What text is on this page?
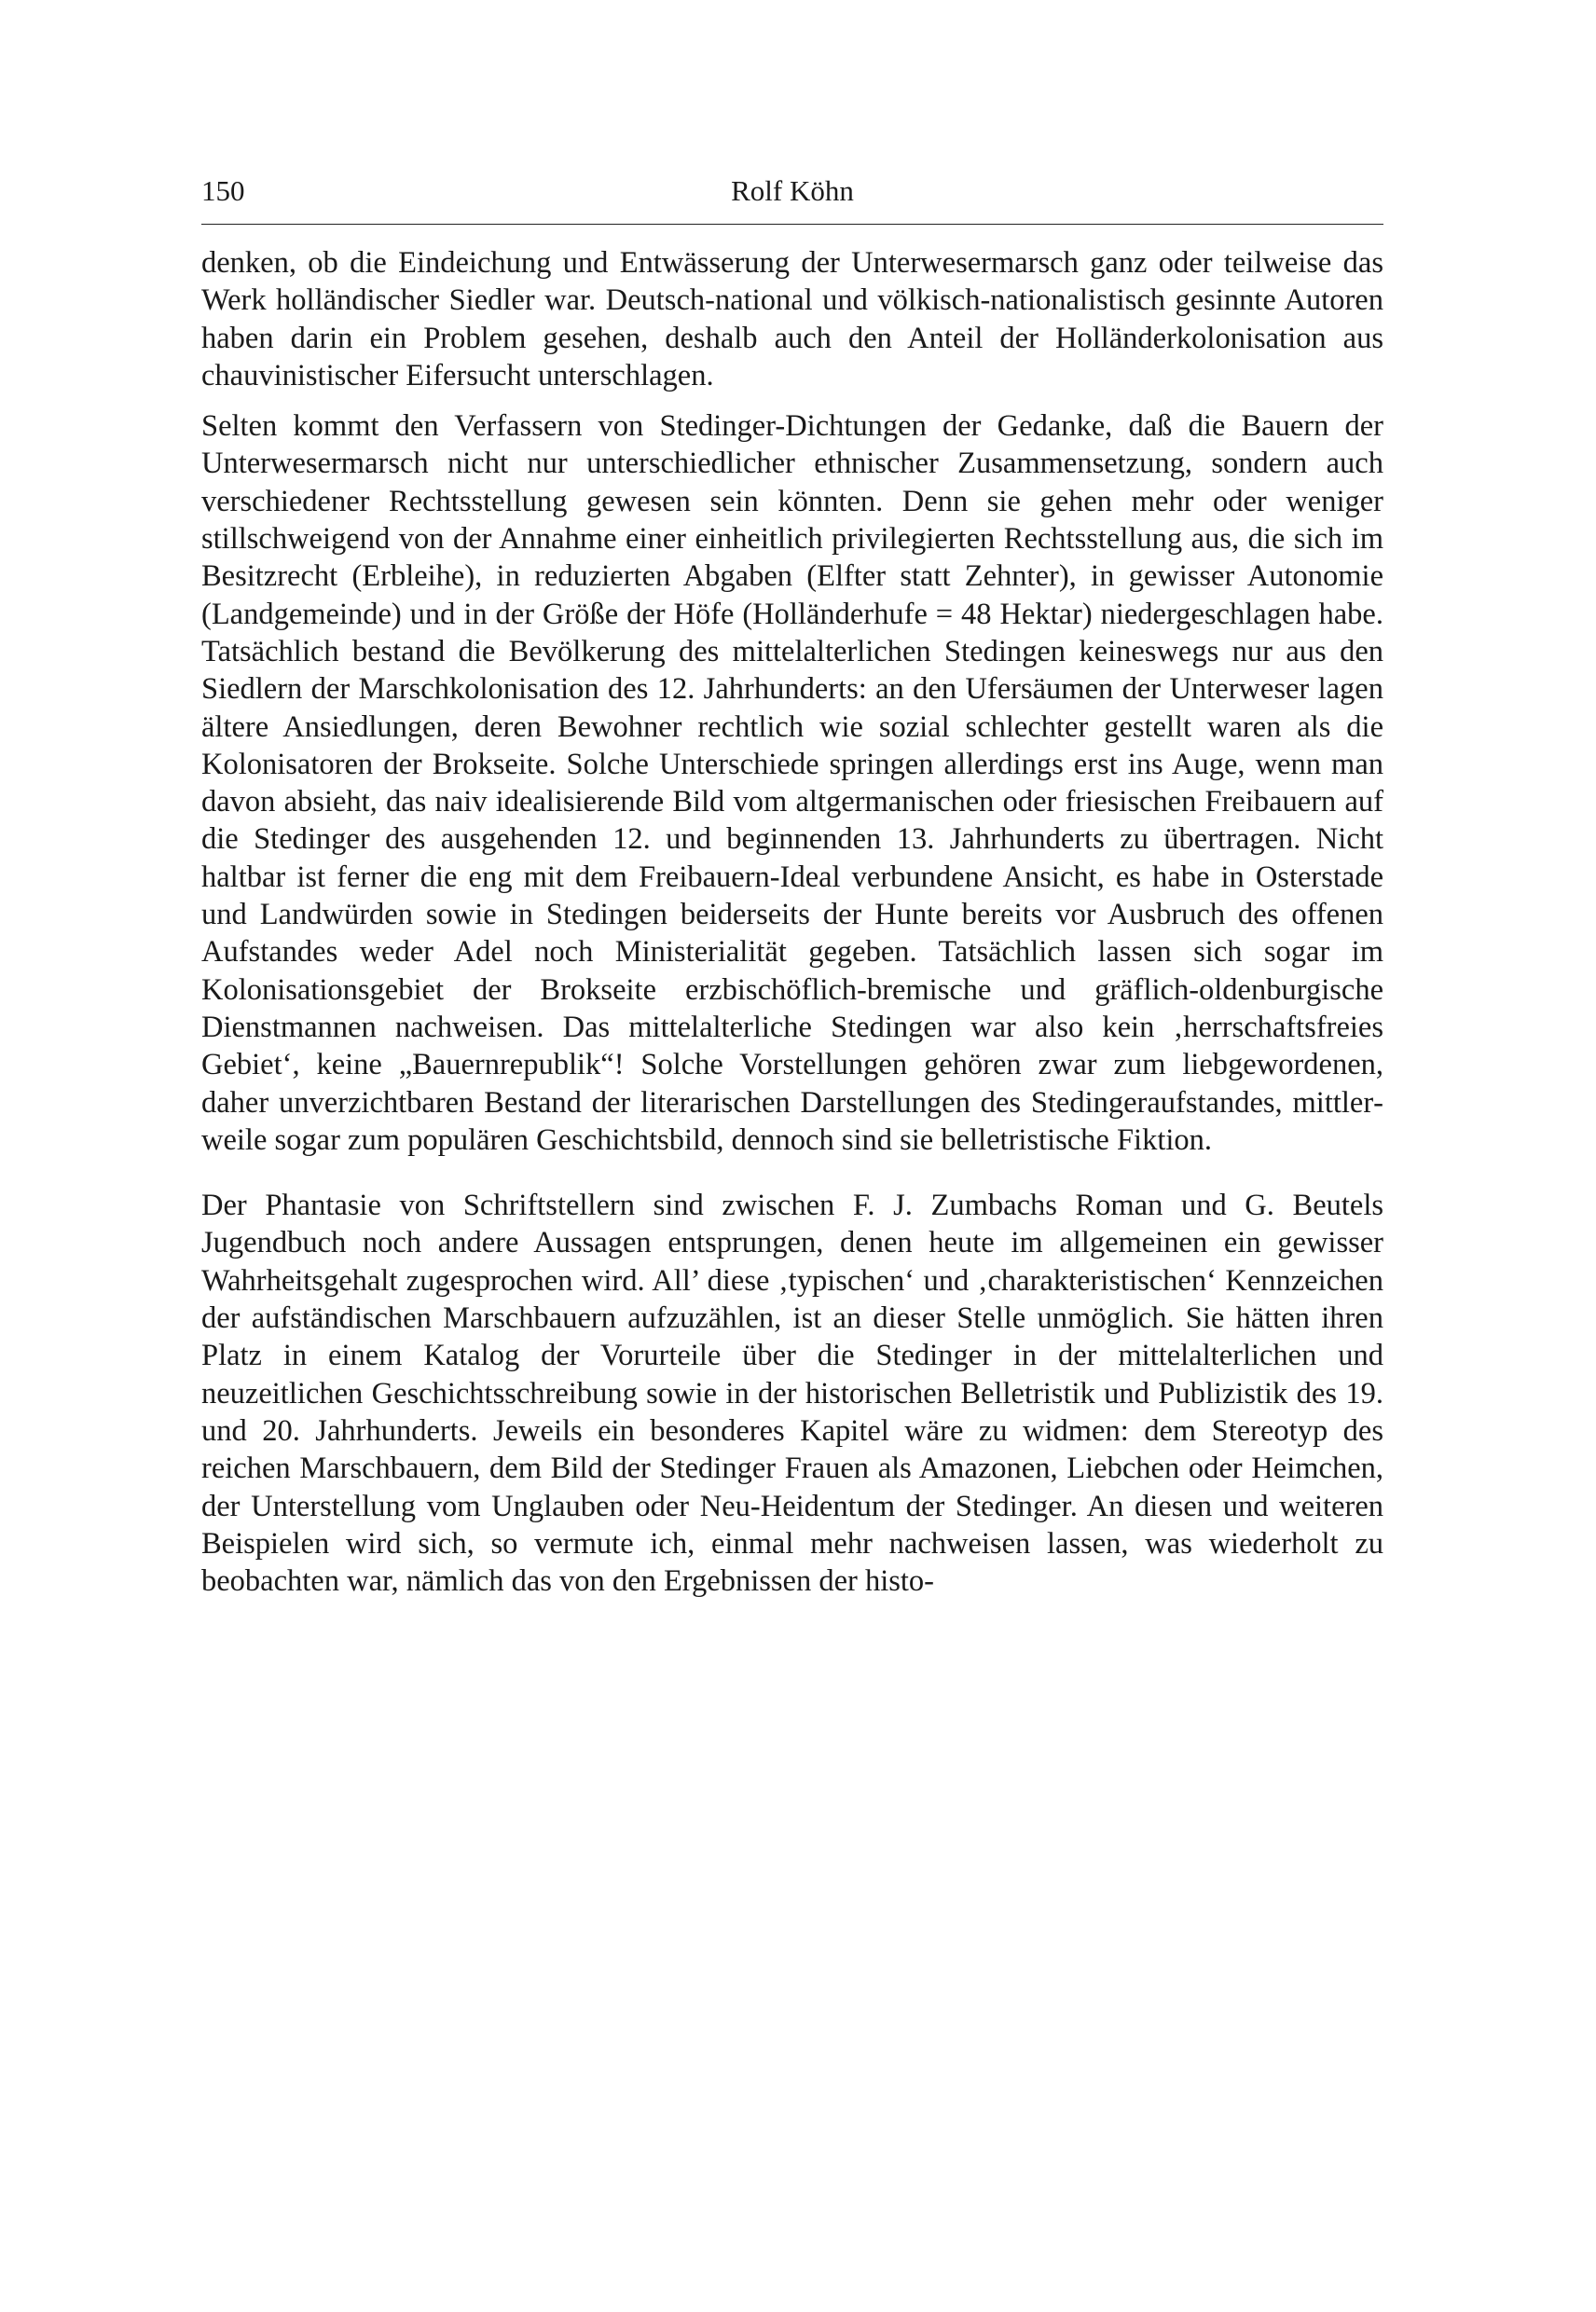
150	Rolf Köhn

denken, ob die Eindeichung und Entwässerung der Unterwesermarsch ganz oder teilweise das Werk holländischer Siedler war. Deutsch-national und völkisch-nationalistisch gesinnte Autoren haben darin ein Problem gesehen, deshalb auch den Anteil der Holländerkolonisation aus chauvinistischer Eifersucht unterschlagen.

Selten kommt den Verfassern von Stedinger-Dichtungen der Gedanke, daß die Bauern der Unterwesermarsch nicht nur unterschiedlicher ethnischer Zusammensetzung, sondern auch verschiedener Rechtsstellung gewesen sein könnten. Denn sie gehen mehr oder weniger stillschweigend von der Annahme einer einheitlich privilegierten Rechtsstellung aus, die sich im Besitzrecht (Erbleihe), in reduzierten Abgaben (Elfter statt Zehnter), in gewisser Autonomie (Landgemeinde) und in der Größe der Höfe (Holländerhufe = 48 Hektar) niedergeschlagen habe. Tatsächlich bestand die Bevölkerung des mittelalterlichen Stedingen keineswegs nur aus den Siedlern der Marschkolonisation des 12. Jahrhunderts: an den Ufersäumen der Unterweser lagen ältere Ansiedlungen, deren Bewohner rechtlich wie sozial schlechter gestellt waren als die Kolonisatoren der Brokseite. Solche Unterschiede springen allerdings erst ins Auge, wenn man davon absieht, das naiv idealisierende Bild vom altgermanischen oder friesischen Freibauern auf die Stedinger des ausgehenden 12. und beginnenden 13. Jahrhunderts zu übertragen. Nicht haltbar ist ferner die eng mit dem Freibauern-Ideal verbundene Ansicht, es habe in Osterstade und Landwürden sowie in Stedingen beiderseits der Hunte bereits vor Ausbruch des offenen Aufstandes weder Adel noch Ministerialität gegeben. Tatsächlich lassen sich sogar im Kolonisationsgebiet der Brokseite erzbischöflich-bremische und gräflich-oldenburgische Dienstmannen nachweisen. Das mittelalterliche Stedingen war also kein ‚herrschaftsfreies Gebiet‘, keine „Bauernrepublik“! Solche Vorstellungen gehören zwar zum liebgewordenen, daher unverzichtbaren Bestand der literarischen Darstellungen des Stedingeraufstandes, mittlerweile sogar zum populären Geschichtsbild, dennoch sind sie belletristische Fiktion.

Der Phantasie von Schriftstellern sind zwischen F. J. Zumbachs Roman und G. Beutels Jugendbuch noch andere Aussagen entsprungen, denen heute im allgemeinen ein gewisser Wahrheitsgehalt zugesprochen wird. All’ diese ‚typischen‘ und ‚charakteristischen‘ Kennzeichen der aufständischen Marschbauern aufzuzählen, ist an dieser Stelle unmöglich. Sie hätten ihren Platz in einem Katalog der Vorurteile über die Stedinger in der mittelalterlichen und neuzeitlichen Geschichtsschreibung sowie in der historischen Belletristik und Publizistik des 19. und 20. Jahrhunderts. Jeweils ein besonderes Kapitel wäre zu widmen: dem Stereotyp des reichen Marschbauern, dem Bild der Stedinger Frauen als Amazonen, Liebchen oder Heimchen, der Unterstellung vom Unglauben oder Neu-Heidentum der Stedinger. An diesen und weiteren Beispielen wird sich, so vermute ich, einmal mehr nachweisen lassen, was wiederholt zu beobachten war, nämlich das von den Ergebnissen der histo-
